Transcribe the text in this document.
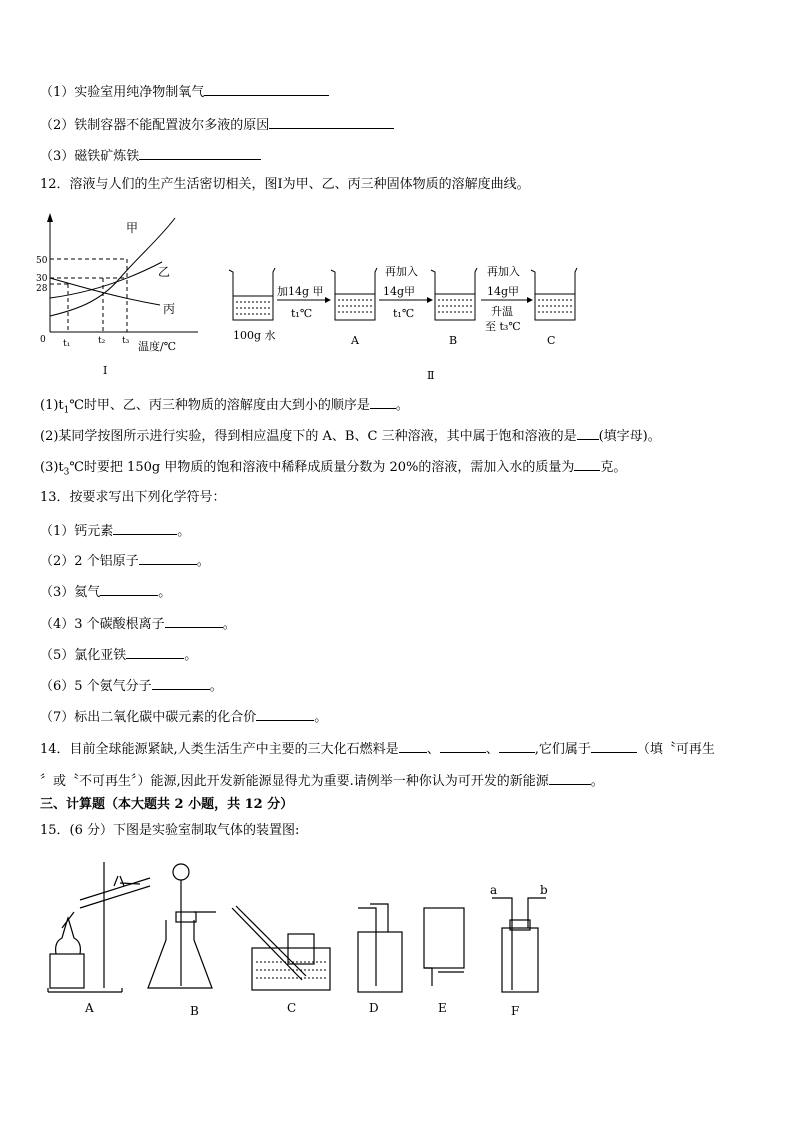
（1）实验室用纯净物制氧气
（2）铁制容器不能配置波尔多液的原因
（3）磁铁矿炼铁
12．溶液与人们的生产生活密切相关，图Ⅰ为甲、乙、丙三种固体物质的溶解度曲线。
50
30
28
0 t₁	t₂ t₃ 温度/℃
甲
乙
丙
Ⅰ
100g 水
加14g 甲
t₁℃
再加入
14g甲
t₁℃
再加入
14g甲
升温
至 t₃℃
A	B	C
Ⅱ
$(1)t_1℃$时甲、乙、丙三种物质的溶解度由大到小的顺序是 。
(2)某同学按图所示进行实验，得到相应温度下的 A、B、C 三种溶液，其中属于饱和溶液的是 (填字母)。
$(3)t_3℃$时要把 150g 甲物质的饱和溶液中稀释成质量分数为 20%的溶液，需加入水的质量为 克。
13．按要求写出下列化学符号：
（1）钙元素	。
（2）2 个铝原子	。
（3）氦气	。
（4）3 个碳酸根离子	。
（5）氯化亚铁	。
（6）5 个氨气分子	。
（7）标出二氧化碳中碳元素的化合价	。
14．目前全球能源紧缺,人类生活生产中主要的三大化石燃料是 、	、	,它们属于	（填〝可再生
〞或〝不可再生〞）能源,因此开发新能源显得尤为重要.请例举一种你认为可开发的新能源	。
三、计算题（本大题共 2 小题，共 12 分）
15．(6 分）下图是实验室制取气体的装置图:
A	B	C	D	E	F
a	b
